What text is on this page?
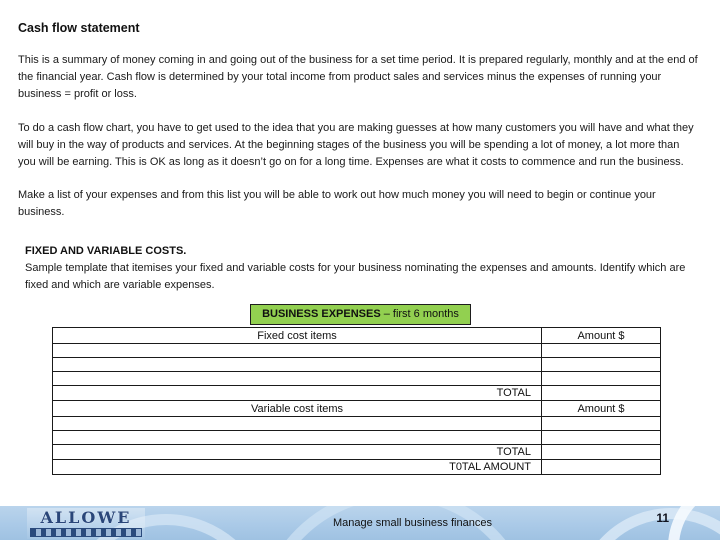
Cash flow statement

This is a summary of money coming in and going out of the business for a set time period. It is prepared regularly, monthly and at the end of the financial year. Cash flow is determined by your total income from product sales and services minus the expenses of running your business = profit or loss.

To do a cash flow chart, you have to get used to the idea that you are making guesses at how many customers you will have and what they will buy in the way of products and services. At the beginning stages of the business you will be spending a lot of money, a lot more than you will be earning. This is OK as long as it doesn’t go on for a long time. Expenses are what it costs to commence and run the business.

Make a list of your expenses and from this list you will be able to work out how much money you will need to begin or continue your business.

FIXED AND VARIABLE COSTS.
Sample template that itemises your fixed and variable costs for your business nominating the expenses and amounts. Identify which are fixed and which are variable expenses.
BUSINESS EXPENSES – first 6 months
Fixed cost items	Amount $

TOTAL	
Variable cost items	Amount $

TOTAL	
T0TAL AMOUNT	
ALLOWE	Manage small business finances	11
